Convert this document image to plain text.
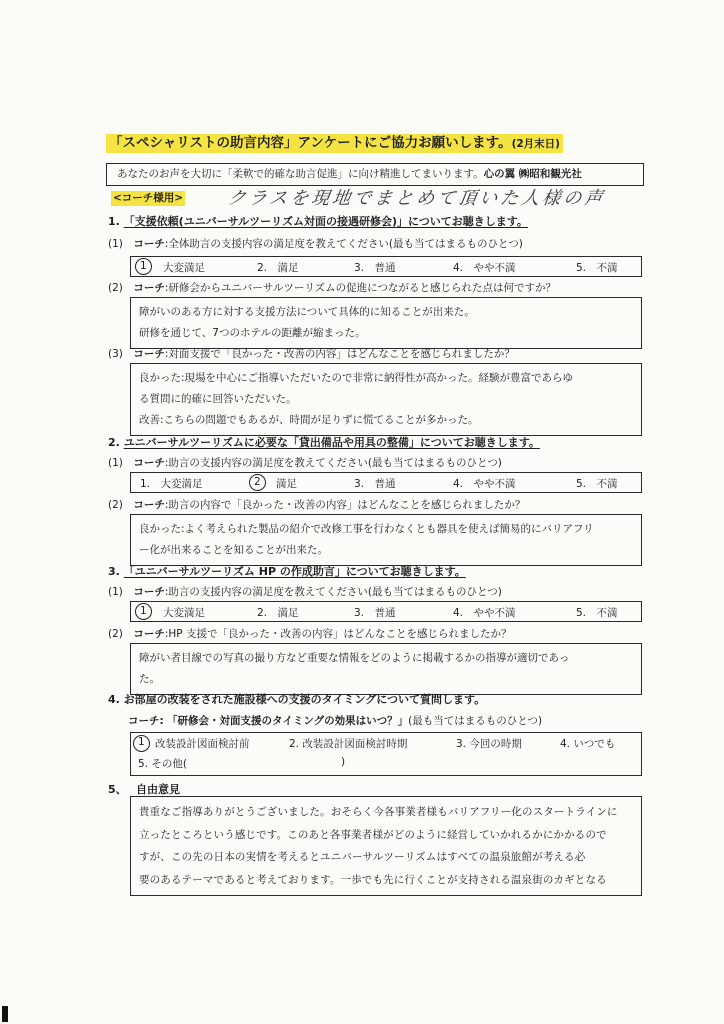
「スペシャリストの助言内容」アンケートにご協力お願いします。(2月末日)
あなたのお声を大切に「柔軟で的確な助言促進」に向け精進してまいります。心の翼 ㈱昭和観光社
<コーチ様用> クラスを現地でまとめて頂いた人様の声
1. 「支援依頼(ユニバーサルツーリズム対面の接遇研修会)」についてお聴きします。
(1)　 コーチ:全体助言の支援内容の満足度を教えてください(最も当てはまるものひとつ)
1 大変満足	2.　満足	3.　普通	4.　やや不満	5.　不満
(2)　 コーチ:研修会からユニバーサルツーリズムの促進につながると感じられた点は何ですか？

障がいのある方に対する支援方法について具体的に知ることが出来た。

研修を通じて、7つのホテルの距離が縮まった。

(3)　 コーチ:対面支援で「良かった・改善の内容」はどんなことを感じられましたか？

良かった:現場を中心にご指導いただいたので非常に納得性が高かった。経験が豊富であらゆ

る質問に的確に回答いただいた。

改善:こちらの問題でもあるが、時間が足りずに慌てることが多かった。

2. ユニバーサルツーリズムに必要な「貸出備品や用具の整備」についてお聴きします。
(1)　 コーチ:助言の支援内容の満足度を教えてください(最も当てはまるものひとつ)
1.　大変満足	2 満足	3.　普通	4.　やや不満	5.　不満
(2)　 コーチ:助言の内容で「良かった・改善の内容」はどんなことを感じられましたか？

良かった:よく考えられた製品の紹介で改修工事を行わなくとも器具を使えば簡易的にバリアフリ

ー化が出来ることを知ることが出来た。

3. 「ユニバーサルツーリズム HP の作成助言」についてお聴きします。
(1)　 コーチ:助言の支援内容の満足度を教えてください(最も当てはまるものひとつ)
1 大変満足	2.　満足	3.　普通	4.　やや不満	5.　不満
(2)　 コーチ:HP 支援で「良かった・改善の内容」はどんなことを感じられましたか？

障がい者目線での写真の撮り方など重要な情報をどのように掲載するかの指導が適切であっ

た。

4. お部屋の改装をされた施設様への支援のタイミングについて質問します。
コーチ: 「研修会・対面支援のタイミングの効果はいつ？」(最も当てはまるものひとつ)
1 改装設計図面検討前	2. 改装設計図面検討時期	3. 今回の時期	4. いつでも
5. その他(	)
5、　 自由意見

貴重なご指導ありがとうございました。おそらく今各事業者様もバリアフリー化のスタートラインに

立ったところという感じです。このあと各事業者様がどのように経営していかれるかにかかるので

すが、この先の日本の実情を考えるとユニバーサルツーリズムはすべての温泉旅館が考える必

要のあるテーマであると考えております。一歩でも先に行くことが支持される温泉街のカギとなる
